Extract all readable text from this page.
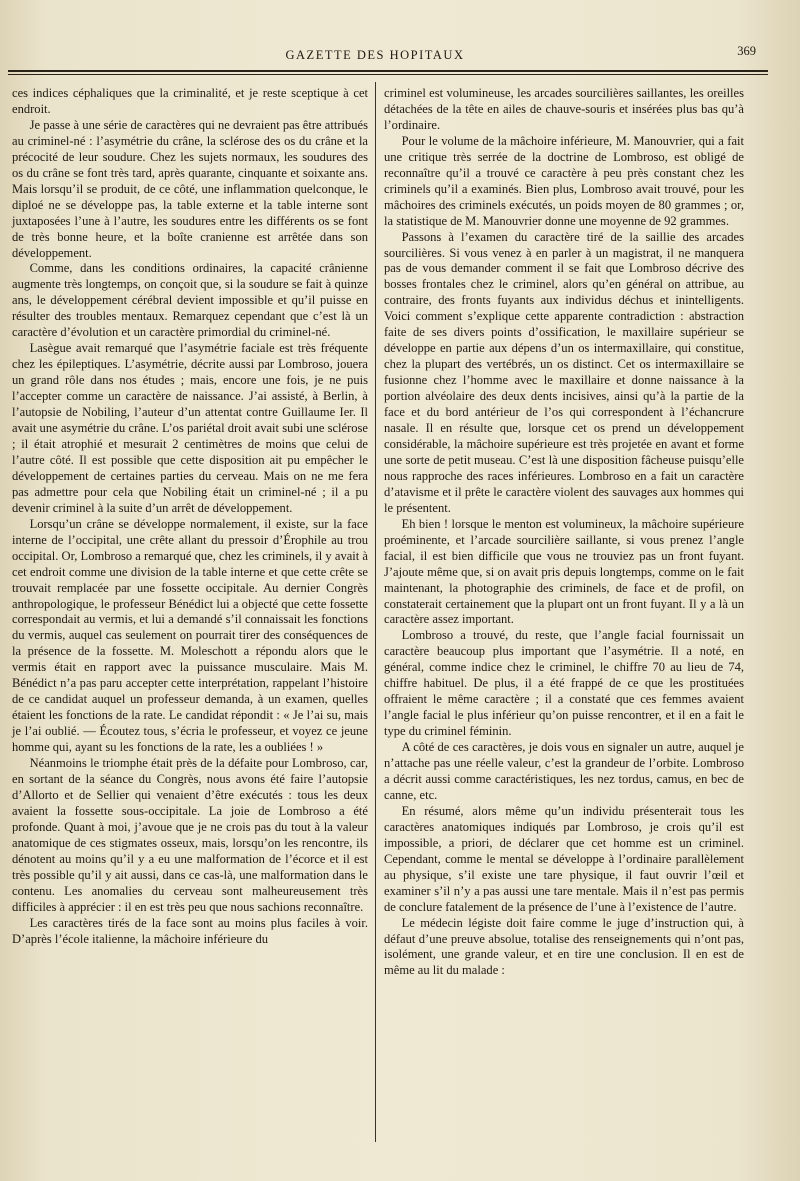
GAZETTE DES HOPITAUX	369

ces indices céphaliques que la criminalité, et je reste sceptique à cet endroit.

Je passe à une série de caractères qui ne devraient pas être attribués au criminel-né : l’asymétrie du crâne, la sclérose des os du crâne et la précocité de leur soudure. Chez les sujets normaux, les soudures des os du crâne se font très tard, après quarante, cinquante et soixante ans. Mais lorsqu’il se produit, de ce côté, une inflammation quelconque, le diploé ne se développe pas, la table externe et la table interne sont juxtaposées l’une à l’autre, les soudures entre les différents os se font de très bonne heure, et la boîte cranienne est arrêtée dans son développement.

Comme, dans les conditions ordinaires, la capacité crânienne augmente très longtemps, on conçoit que, si la soudure se fait à quinze ans, le développement cérébral devient impossible et qu’il puisse en résulter des troubles mentaux. Remarquez cependant que c’est là un caractère d’évolution et un caractère primordial du criminel-né.

Lasègue avait remarqué que l’asymétrie faciale est très fréquente chez les épileptiques. L’asymétrie, décrite aussi par Lombroso, jouera un grand rôle dans nos études ; mais, encore une fois, je ne puis l’accepter comme un caractère de naissance. J’ai assisté, à Berlin, à l’autopsie de Nobiling, l’auteur d’un attentat contre Guillaume Ier. Il avait une asymétrie du crâne. L’os pariétal droit avait subi une sclérose ; il était atrophié et mesurait 2 centimètres de moins que celui de l’autre côté. Il est possible que cette disposition ait pu empêcher le développement de certaines parties du cerveau. Mais on ne me fera pas admettre pour cela que Nobiling était un criminel-né ; il a pu devenir criminel à la suite d’un arrêt de développement.

Lorsqu’un crâne se développe normalement, il existe, sur la face interne de l’occipital, une crête allant du pressoir d’Érophile au trou occipital. Or, Lombroso a remarqué que, chez les criminels, il y avait à cet endroit comme une division de la table interne et que cette crête se trouvait remplacée par une fossette occipitale. Au dernier Congrès anthropologique, le professeur Bénédict lui a objecté que cette fossette correspondait au vermis, et lui a demandé s’il connaissait les fonctions du vermis, auquel cas seulement on pourrait tirer des conséquences de la présence de la fossette. M. Moleschott a répondu alors que le vermis était en rapport avec la puissance musculaire. Mais M. Bénédict n’a pas paru accepter cette interprétation, rappelant l’histoire de ce candidat auquel un professeur demanda, à un examen, quelles étaient les fonctions de la rate. Le candidat répondit : « Je l’ai su, mais je l’ai oublié. — Écoutez tous, s’écria le professeur, et voyez ce jeune homme qui, ayant su les fonctions de la rate, les a oubliées ! »

Néanmoins le triomphe était près de la défaite pour Lombroso, car, en sortant de la séance du Congrès, nous avons été faire l’autopsie d’Allorto et de Sellier qui venaient d’être exécutés : tous les deux avaient la fossette sous-occipitale. La joie de Lombroso a été profonde. Quant à moi, j’avoue que je ne crois pas du tout à la valeur anatomique de ces stigmates osseux, mais, lorsqu’on les rencontre, ils dénotent au moins qu’il y a eu une malformation de l’écorce et il est très possible qu’il y ait aussi, dans ce cas-là, une malformation dans le contenu. Les anomalies du cerveau sont malheureusement très difficiles à apprécier : il en est très peu que nous sachions reconnaître.

Les caractères tirés de la face sont au moins plus faciles à voir. D’après l’école italienne, la mâchoire inférieure du

criminel est volumineuse, les arcades sourcilières saillantes, les oreilles détachées de la tête en ailes de chauve-souris et insérées plus bas qu’à l’ordinaire.

Pour le volume de la mâchoire inférieure, M. Manouvrier, qui a fait une critique très serrée de la doctrine de Lombroso, est obligé de reconnaître qu’il a trouvé ce caractère à peu près constant chez les criminels qu’il a examinés. Bien plus, Lombroso avait trouvé, pour les mâchoires des criminels exécutés, un poids moyen de 80 grammes ; or, la statistique de M. Manouvrier donne une moyenne de 92 grammes.

Passons à l’examen du caractère tiré de la saillie des arcades sourcilières. Si vous venez à en parler à un magistrat, il ne manquera pas de vous demander comment il se fait que Lombroso décrive des bosses frontales chez le criminel, alors qu’en général on attribue, au contraire, des fronts fuyants aux individus déchus et inintelligents. Voici comment s’explique cette apparente contradiction : abstraction faite de ses divers points d’ossification, le maxillaire supérieur se développe en partie aux dépens d’un os intermaxillaire, qui constitue, chez la plupart des vertébrés, un os distinct. Cet os intermaxillaire se fusionne chez l’homme avec le maxillaire et donne naissance à la portion alvéolaire des deux dents incisives, ainsi qu’à la partie de la face et du bord antérieur de l’os qui correspondent à l’échancrure nasale. Il en résulte que, lorsque cet os prend un développement considérable, la mâchoire supérieure est très projetée en avant et forme une sorte de petit museau. C’est là une disposition fâcheuse puisqu’elle nous rapproche des races inférieures. Lombroso en a fait un caractère d’atavisme et il prête le caractère violent des sauvages aux hommes qui le présentent.

Eh bien ! lorsque le menton est volumineux, la mâchoire supérieure proéminente, et l’arcade sourcilière saillante, si vous prenez l’angle facial, il est bien difficile que vous ne trouviez pas un front fuyant. J’ajoute même que, si on avait pris depuis longtemps, comme on le fait maintenant, la photographie des criminels, de face et de profil, on constaterait certainement que la plupart ont un front fuyant. Il y a là un caractère assez important.

Lombroso a trouvé, du reste, que l’angle facial fournissait un caractère beaucoup plus important que l’asymétrie. Il a noté, en général, comme indice chez le criminel, le chiffre 70 au lieu de 74, chiffre habituel. De plus, il a été frappé de ce que les prostituées offraient le même caractère ; il a constaté que ces femmes avaient l’angle facial le plus inférieur qu’on puisse rencontrer, et il en a fait le type du criminel féminin.

A côté de ces caractères, je dois vous en signaler un autre, auquel je n’attache pas une réelle valeur, c’est la grandeur de l’orbite. Lombroso a décrit aussi comme caractéristiques, les nez tordus, camus, en bec de canne, etc.

En résumé, alors même qu’un individu présenterait tous les caractères anatomiques indiqués par Lombroso, je crois qu’il est impossible, a priori, de déclarer que cet homme est un criminel. Cependant, comme le mental se développe à l’ordinaire parallèlement au physique, s’il existe une tare physique, il faut ouvrir l’œil et examiner s’il n’y a pas aussi une tare mentale. Mais il n’est pas permis de conclure fatalement de la présence de l’une à l’existence de l’autre.

Le médecin légiste doit faire comme le juge d’instruction qui, à défaut d’une preuve absolue, totalise des renseignements qui n’ont pas, isolément, une grande valeur, et en tire une conclusion. Il en est de même au lit du malade :
